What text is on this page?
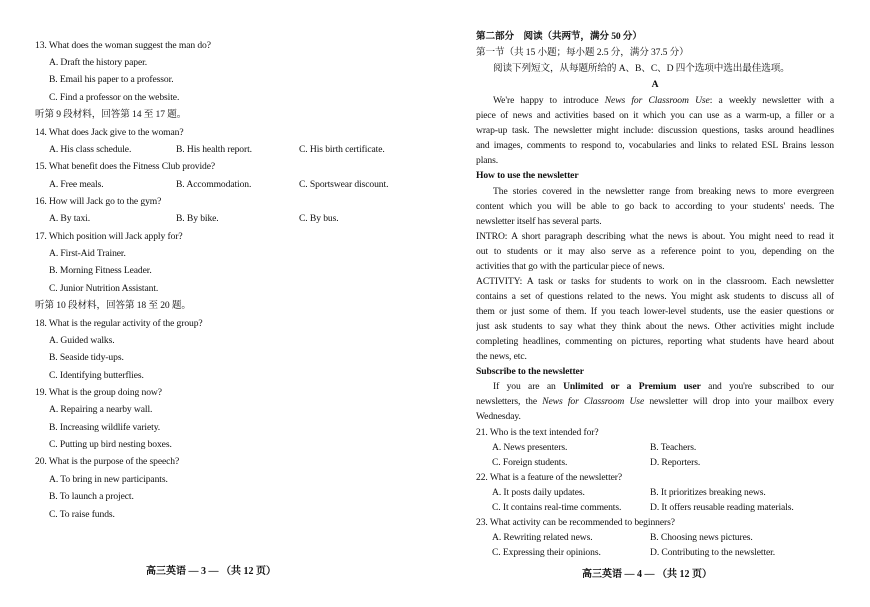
13. What does the woman suggest the man do?
A. Draft the history paper.
B. Email his paper to a professor.
C. Find a professor on the website.
听第 9 段材料，回答第 14 至 17 题。
14. What does Jack give to the woman?
A. His class schedule.	B. His health report.	C. His birth certificate.
15. What benefit does the Fitness Club provide?
A. Free meals.	B. Accommodation.	C. Sportswear discount.
16. How will Jack go to the gym?
A. By taxi.	B. By bike.	C. By bus.
17. Which position will Jack apply for?
A. First-Aid Trainer.
B. Morning Fitness Leader.
C. Junior Nutrition Assistant.
听第 10 段材料，回答第 18 至 20 题。
18. What is the regular activity of the group?
A. Guided walks.
B. Seaside tidy-ups.
C. Identifying butterflies.
19. What is the group doing now?
A. Repairing a nearby wall.
B. Increasing wildlife variety.
C. Putting up bird nesting boxes.
20. What is the purpose of the speech?
A. To bring in new participants.
B. To launch a project.
C. To raise funds.
高三英语 — 3 — （共 12 页）
第二部分　阅读（共两节，满分 50 分）
第一节（共 15 小题；每小题 2.5 分，满分 37.5 分）
阅读下列短文，从每题所给的 A、B、C、D 四个选项中选出最佳选项。
A
We're happy to introduce News for Classroom Use: a weekly newsletter with a
piece of news and activities based on it which you can use as a warm-up, a filler or a
wrap-up task. The newsletter might include: discussion questions, tasks around headlines
and images, comments to respond to, vocabularies and links to related ESL Brains lesson
plans.
How to use the newsletter
The stories covered in the newsletter range from breaking news to more evergreen
content which you will be able to go back to according to your students' needs. The
newsletter itself has several parts.
INTRO: A short paragraph describing what the news is about. You might need to read it
out to students or it may also serve as a reference point to you, depending on the
activities that go with the particular piece of news.
ACTIVITY: A task or tasks for students to work on in the classroom. Each newsletter
contains a set of questions related to the news. You might ask students to discuss all of
them or just some of them. If you teach lower-level students, use the easier questions or
just ask students to say what they think about the news. Other activities might include
completing headlines, commenting on pictures, reporting what students have heard about
the news, etc.
Subscribe to the newsletter
If you are an Unlimited or a Premium user and you're subscribed to our
newsletters, the News for Classroom Use newsletter will drop into your mailbox every
Wednesday.
21. Who is the text intended for?
A. News presenters.	B. Teachers.
C. Foreign students.	D. Reporters.
22. What is a feature of the newsletter?
A. It posts daily updates.	B. It prioritizes breaking news.
C. It contains real-time comments.	D. It offers reusable reading materials.
23. What activity can be recommended to beginners?
A. Rewriting related news.	B. Choosing news pictures.
C. Expressing their opinions.	D. Contributing to the newsletter.
高三英语 — 4 — （共 12 页）
